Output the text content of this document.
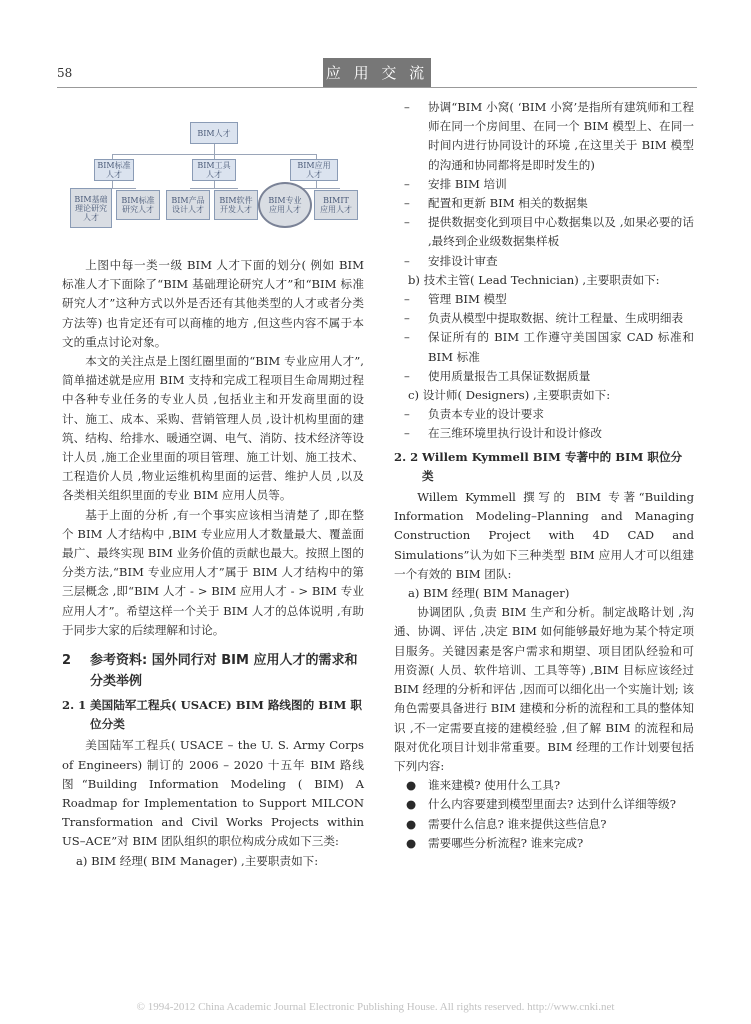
58	应 用 交 流
BIM人才
BIM标准
人才
BIM工具
人才
BIM应用
人才
BIM基础
理论研究
人才
BIM标准
研究人才
BIM产品
设计人才
BIM软件
开发人才
BIM专业
应用人才
BIMIT
应用人才

上图中每一类一级 BIM 人才下面的划分( 例如 BIM 标准人才下面除了“BIM 基础理论研究人才”和“BIM 标准研究人才”这种方式以外是否还有其他类型的人才或者分类方法等) 也肯定还有可以商榷的地方 ,但这些内容不属于本文的重点讨论对象。

本文的关注点是上图红圈里面的“BIM 专业应用人才”,简单描述就是应用 BIM 支持和完成工程项目生命周期过程中各种专业任务的专业人员 ,包括业主和开发商里面的设计、施工、成本、采购、营销管理人员 ,设计机构里面的建筑、结构、给排水、暖通空调、电气、消防、技术经济等设计人员 ,施工企业里面的项目管理、施工计划、施工技术、工程造价人员 ,物业运维机构里面的运营、维护人员 ,以及各类相关组织里面的专业 BIM 应用人员等。

基于上面的分析 ,有一个事实应该相当清楚了 ,即在整个 BIM 人才结构中 ,BIM 专业应用人才数量最大、覆盖面最广、最终实现 BIM 业务价值的贡献也最大。按照上图的分类方法,“BIM 专业应用人才”属于 BIM 人才结构中的第三层概念 ,即“BIM 人才 - > BIM 应用人才 - > BIM 专业应用人才”。希望这样一个关于 BIM 人才的总体说明 ,有助于同步大家的后续理解和讨论。

2 参考资料: 国外同行对 BIM 应用人才的需求和分类举例
2. 1 美国陆军工程兵( USACE) BIM 路线图的 BIM 职位分类

美国陆军工程兵( USACE – the U. S. Army Corps of Engineers) 制订的 2006 – 2020 十五年 BIM 路线图“Building Information Modeling ( BIM) A Roadmap for Implementation to Support MILCON Transformation and Civil Works Projects within US–ACE”对 BIM 团队组织的职位构成分成如下三类:

a) BIM 经理( BIM Manager) ,主要职责如下:

– 协调“BIM 小窝( ‘BIM 小窝’是指所有建筑师和工程师在同一个房间里、在同一个 BIM 模型上、在同一时间内进行协同设计的环境 ,在这里关于 BIM 模型的沟通和协同都将是即时发生的)
– 安排 BIM 培训
– 配置和更新 BIM 相关的数据集
– 提供数据变化到项目中心数据集以及 ,如果必要的话 ,最终到企业级数据集样板
– 安排设计审查

b) 技术主管( Lead Technician) ,主要职责如下:

– 管理 BIM 模型
– 负责从模型中提取数据、统计工程量、生成明细表
– 保证所有的 BIM 工作遵守美国国家 CAD 标准和 BIM 标准
– 使用质量报告工具保证数据质量

c) 设计师( Designers) ,主要职责如下:

– 负责本专业的设计要求
– 在三维环境里执行设计和设计修改
2. 2 Willem Kymmell BIM 专著中的 BIM 职位分类

Willem Kymmell 撰写的 BIM 专著“Building Information Modeling–Planning and Managing Construction Project with 4D CAD and Simulations”认为如下三种类型 BIM 应用人才可以组建一个有效的 BIM 团队:

a) BIM 经理( BIM Manager)

协调团队 ,负责 BIM 生产和分析。制定战略计划 ,沟通、协调、评估 ,决定 BIM 如何能够最好地为某个特定项目服务。关键因素是客户需求和期望、项目团队经验和可用资源( 人员、软件培训、工具等等) ,BIM 目标应该经过 BIM 经理的分析和评估 ,因而可以细化出一个实施计划; 该角色需要具备进行 BIM 建模和分析的流程和工具的整体知识 ,不一定需要直接的建模经验 ,但了解 BIM 的流程和局限对优化项目计划非常重要。BIM 经理的工作计划要包括下列内容:

● 谁来建模? 使用什么工具?
● 什么内容要建到模型里面去? 达到什么详细等级?
● 需要什么信息? 谁来提供这些信息?
● 需要哪些分析流程? 谁来完成?
© 1994-2012 China Academic Journal Electronic Publishing House. All rights reserved. http://www.cnki.net
